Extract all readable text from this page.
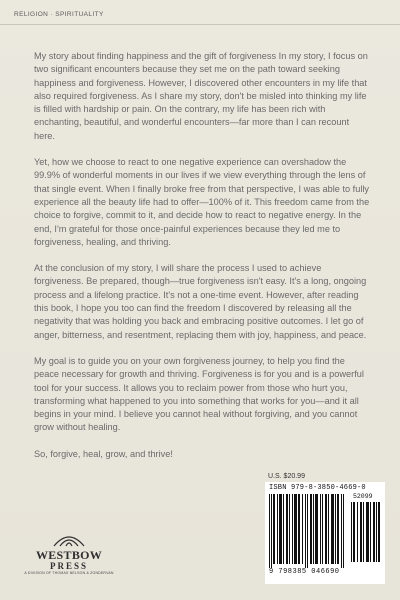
RELIGION · SPIRITUALITY

My story about finding happiness and the gift of forgiveness In my story, I focus on two significant encounters because they set me on the path toward seeking happiness and forgiveness. However, I discovered other encounters in my life that also required forgiveness. As I share my story, don't be misled into thinking my life is filled with hardship or pain. On the contrary, my life has been rich with enchanting, beautiful, and wonderful encounters—far more than I can recount here.

Yet, how we choose to react to one negative experience can overshadow the 99.9% of wonderful moments in our lives if we view everything through the lens of that single event. When I finally broke free from that perspective, I was able to fully experience all the beauty life had to offer—100% of it. This freedom came from the choice to forgive, commit to it, and decide how to react to negative energy. In the end, I'm grateful for those once-painful experiences because they led me to forgiveness, healing, and thriving.

At the conclusion of my story, I will share the process I used to achieve forgiveness. Be prepared, though—true forgiveness isn't easy. It's a long, ongoing process and a lifelong practice. It's not a one-time event. However, after reading this book, I hope you too can find the freedom I discovered by releasing all the negativity that was holding you back and embracing positive outcomes. I let go of anger, bitterness, and resentment, replacing them with joy, happiness, and peace.

My goal is to guide you on your own forgiveness journey, to help you find the peace necessary for growth and thriving. Forgiveness is for you and is a powerful tool for your success. It allows you to reclaim power from those who hurt you, transforming what happened to you into something that works for you—and it all begins in your mind. I believe you cannot heal without forgiving, and you cannot grow without healing.

So, forgive, heal, grow, and thrive!

U.S. $20.99
ISBN 979-8-3850-4669-0
52099
9 798385 046690
WESTBOW
PRESS
A DIVISION OF THOMAS NELSON & ZONDERVAN
